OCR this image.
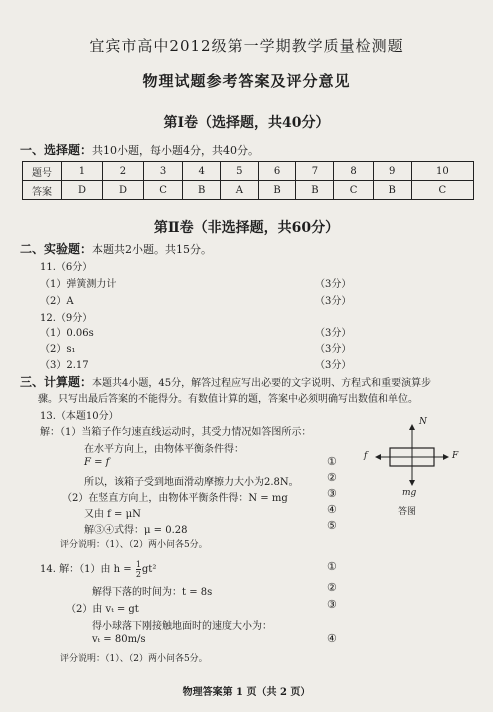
宜宾市高中2012级第一学期教学质量检测题
物理试题参考答案及评分意见
第Ⅰ卷（选择题，共40分）
一、选择题：共10小题，每小题4分，共40分。
题号	1	2	3	4	5	6	7	8	9	10
答案	D	D	C	B	A	B	B	C	B	C
第Ⅱ卷（非选择题，共60分）
二、实验题：本题共2小题。共15分。
11.（6分）
（1）弹簧测力计	（3分）
（2）A	（3分）
12.（9分）
（1）0.06s	（3分）
（2）s₁	（3分）
（3）2.17	（3分）
三、计算题：本题共4小题，45分，解答过程应写出必要的文字说明、方程式和重要演算步
骤。只写出最后答案的不能得分。有数值计算的题，答案中必须明确写出数值和单位。
13.（本题10分）
解：（1）当箱子作匀速直线运动时，其受力情况如答图所示：
在水平方向上，由物体平衡条件得：
F = f	①
所以，该箱子受到地面滑动摩擦力大小为2.8N。	②
（2）在竖直方向上，由物体平衡条件得：N = mg	③
又由 f = μN	④
解③④式得：μ = 0.28	⑤
评分说明：（1）、（2）两小问各5分。
N
f	F
mg
答图
14. 解：（1）由 $h = \frac{1}{2} gt^2$	①
解得下落的时间为：t = 8s	②
（2）由 vₜ = gt	③
得小球落下刚接触地面时的速度大小为：
vₜ = 80m/s	④
评分说明：（1）、（2）两小问各5分。
物理答案第 1 页（共 2 页）
